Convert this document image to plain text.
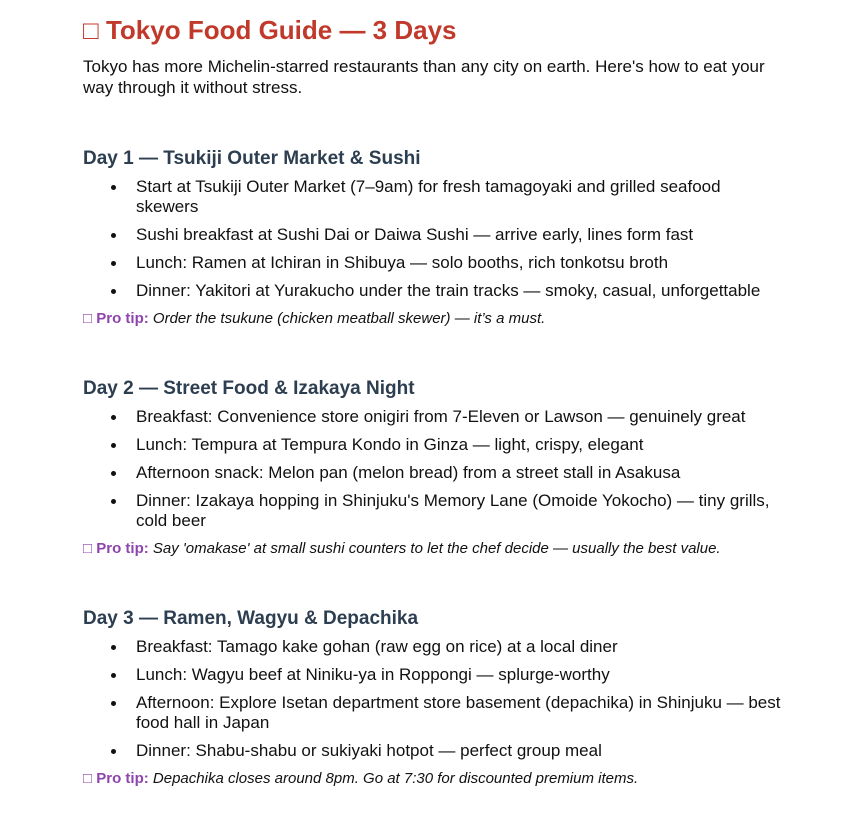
□ Tokyo Food Guide — 3 Days

Tokyo has more Michelin-starred restaurants than any city on earth. Here's how to eat your way through it without stress.

Day 1 — Tsukiji Outer Market & Sushi
Start at Tsukiji Outer Market (7–9am) for fresh tamagoyaki and grilled seafood skewers
Sushi breakfast at Sushi Dai or Daiwa Sushi — arrive early, lines form fast
Lunch: Ramen at Ichiran in Shibuya — solo booths, rich tonkotsu broth
Dinner: Yakitori at Yurakucho under the train tracks — smoky, casual, unforgettable

□ Pro tip: Order the tsukune (chicken meatball skewer) — it’s a must.

Day 2 — Street Food & Izakaya Night
Breakfast: Convenience store onigiri from 7-Eleven or Lawson — genuinely great
Lunch: Tempura at Tempura Kondo in Ginza — light, crispy, elegant
Afternoon snack: Melon pan (melon bread) from a street stall in Asakusa
Dinner: Izakaya hopping in Shinjuku's Memory Lane (Omoide Yokocho) — tiny grills, cold beer

□ Pro tip: Say 'omakase' at small sushi counters to let the chef decide — usually the best value.

Day 3 — Ramen, Wagyu & Depachika
Breakfast: Tamago kake gohan (raw egg on rice) at a local diner
Lunch: Wagyu beef at Niniku-ya in Roppongi — splurge-worthy
Afternoon: Explore Isetan department store basement (depachika) in Shinjuku — best food hall in Japan
Dinner: Shabu-shabu or sukiyaki hotpot — perfect group meal

□ Pro tip: Depachika closes around 8pm. Go at 7:30 for discounted premium items.
